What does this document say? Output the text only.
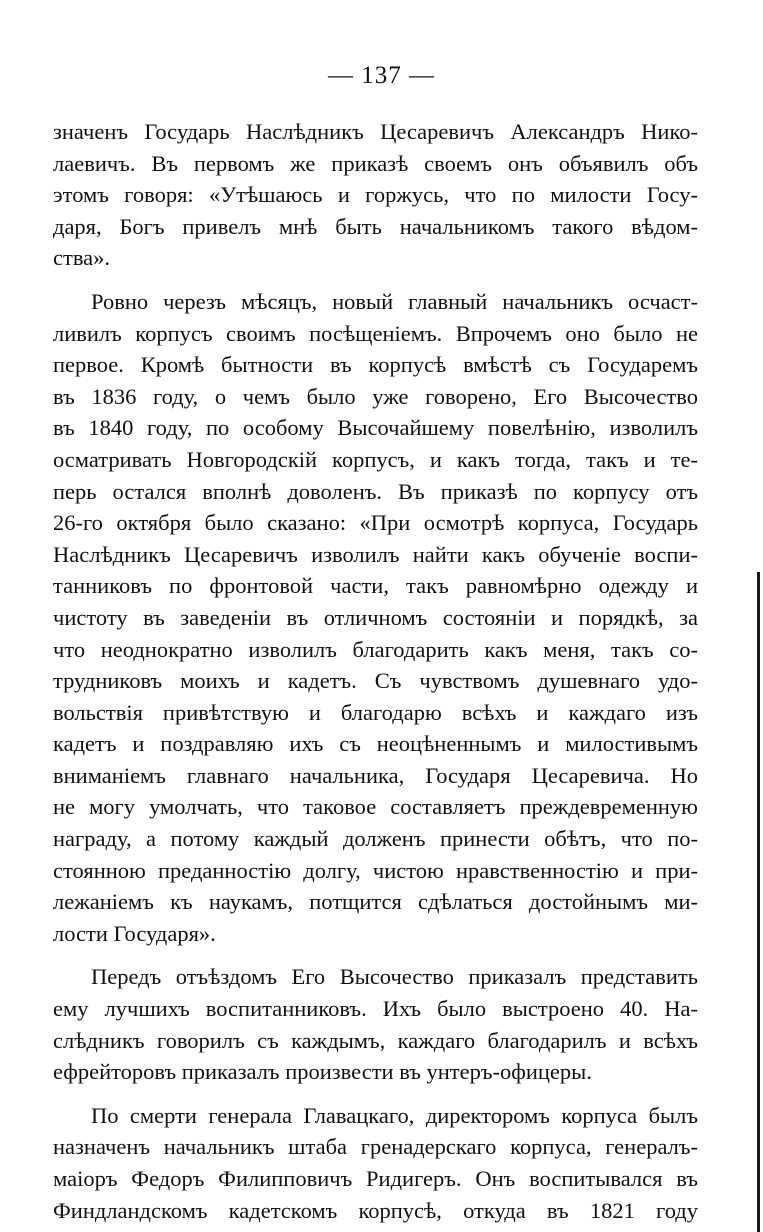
— 137 —
значенъ Государь Наслѣдникъ Цесаревичъ Александръ Нико-
лаевичъ. Въ первомъ же приказѣ своемъ онъ объявилъ объ
этомъ говоря: «Утѣшаюсь и горжусь, что по милости Госу-
даря, Богъ привелъ мнѣ быть начальникомъ такого вѣдом-
ства».
Ровно черезъ мѣсяцъ, новый главный начальникъ осчаст-
ливилъ корпусъ своимъ посѣщеніемъ. Впрочемъ оно было не
первое. Кромѣ бытности въ корпусѣ вмѣстѣ съ Государемъ
въ 1836 году, о чемъ было уже говорено, Его Высочество
въ 1840 году, по особому Высочайшему повелѣнію, изволилъ
осматривать Новгородскій корпусъ, и какъ тогда, такъ и те-
перь остался вполнѣ доволенъ. Въ приказѣ по корпусу отъ
26-го октября было сказано: «При осмотрѣ корпуса, Государь
Наслѣдникъ Цесаревичъ изволилъ найти какъ обученіе воспи-
танниковъ по фронтовой части, такъ равномѣрно одежду и
чистоту въ заведеніи въ отличномъ состояніи и порядкѣ, за
что неоднократно изволилъ благодарить какъ меня, такъ со-
трудниковъ моихъ и кадетъ. Съ чувствомъ душевнаго удо-
вольствія привѣтствую и благодарю всѣхъ и каждаго изъ
кадетъ и поздравляю ихъ съ неоцѣненнымъ и милостивымъ
вниманіемъ главнаго начальника, Государя Цесаревича. Но
не могу умолчать, что таковое составляетъ преждевременную
награду, а потому каждый долженъ принести обѣтъ, что по-
стоянною преданностію долгу, чистою нравственностію и при-
лежаніемъ къ наукамъ, потщится сдѣлаться достойнымъ ми-
лости Государя».
Передъ отъѣздомъ Его Высочество приказалъ представить
ему лучшихъ воспитанниковъ. Ихъ было выстроено 40. На-
слѣдникъ говорилъ съ каждымъ, каждаго благодарилъ и всѣхъ
ефрейторовъ приказалъ произвести въ унтеръ-офицеры.
По смерти генерала Главацкаго, директоромъ корпуса былъ
назначенъ начальникъ штаба гренадерскаго корпуса, генералъ-
маіоръ Федоръ Филипповичъ Ридигеръ. Онъ воспитывался въ
Финдландскомъ кадетскомъ корпусѣ, откуда въ 1821 году
